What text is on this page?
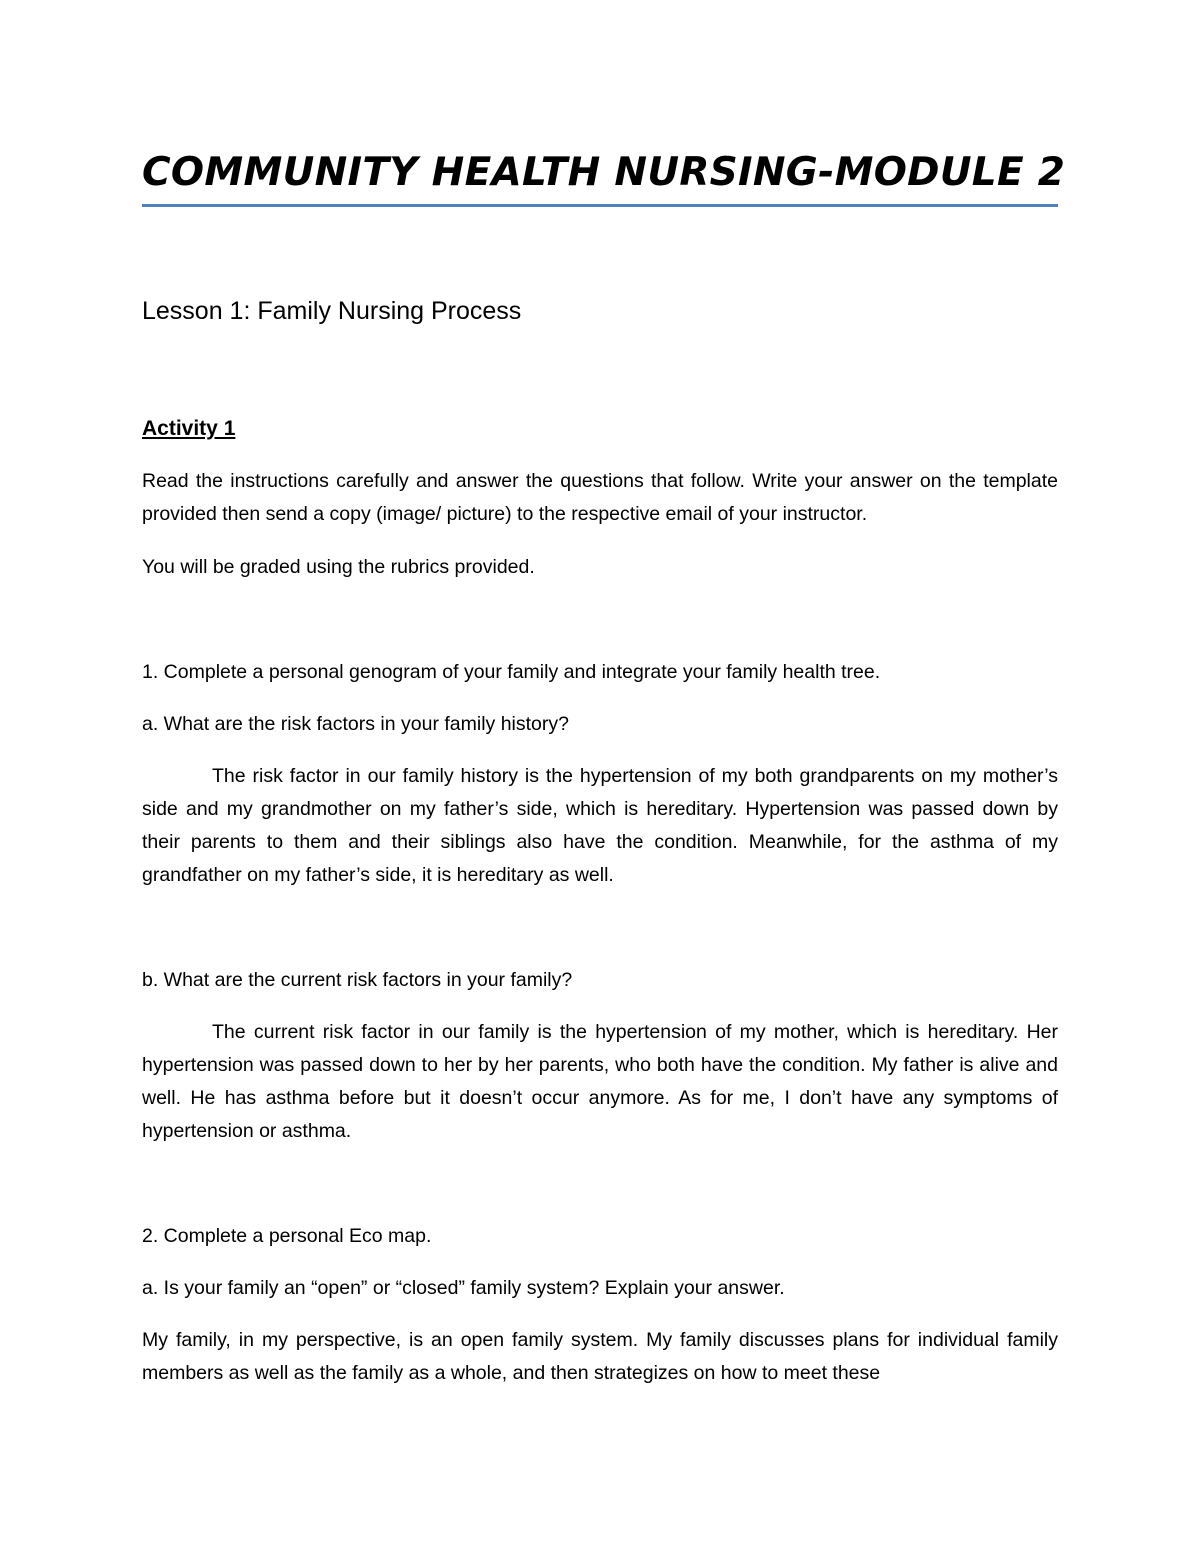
COMMUNITY HEALTH NURSING-MODULE 2
Lesson 1: Family Nursing Process
Activity 1

Read the instructions carefully and answer the questions that follow. Write your answer on the template provided then send a copy (image/ picture) to the respective email of your instructor.

You will be graded using the rubrics provided.

1. Complete a personal genogram of your family and integrate your family health tree.

a. What are the risk factors in your family history?

The risk factor in our family history is the hypertension of my both grandparents on my mother’s side and my grandmother on my father’s side, which is hereditary. Hypertension was passed down by their parents to them and their siblings also have the condition. Meanwhile, for the asthma of my grandfather on my father’s side, it is hereditary as well.

b. What are the current risk factors in your family?

The current risk factor in our family is the hypertension of my mother, which is hereditary. Her hypertension was passed down to her by her parents, who both have the condition. My father is alive and well. He has asthma before but it doesn’t occur anymore. As for me, I don’t have any symptoms of hypertension or asthma.

2. Complete a personal Eco map.

a. Is your family an “open” or “closed” family system? Explain your answer.

My family, in my perspective, is an open family system. My family discusses plans for individual family members as well as the family as a whole, and then strategizes on how to meet these
